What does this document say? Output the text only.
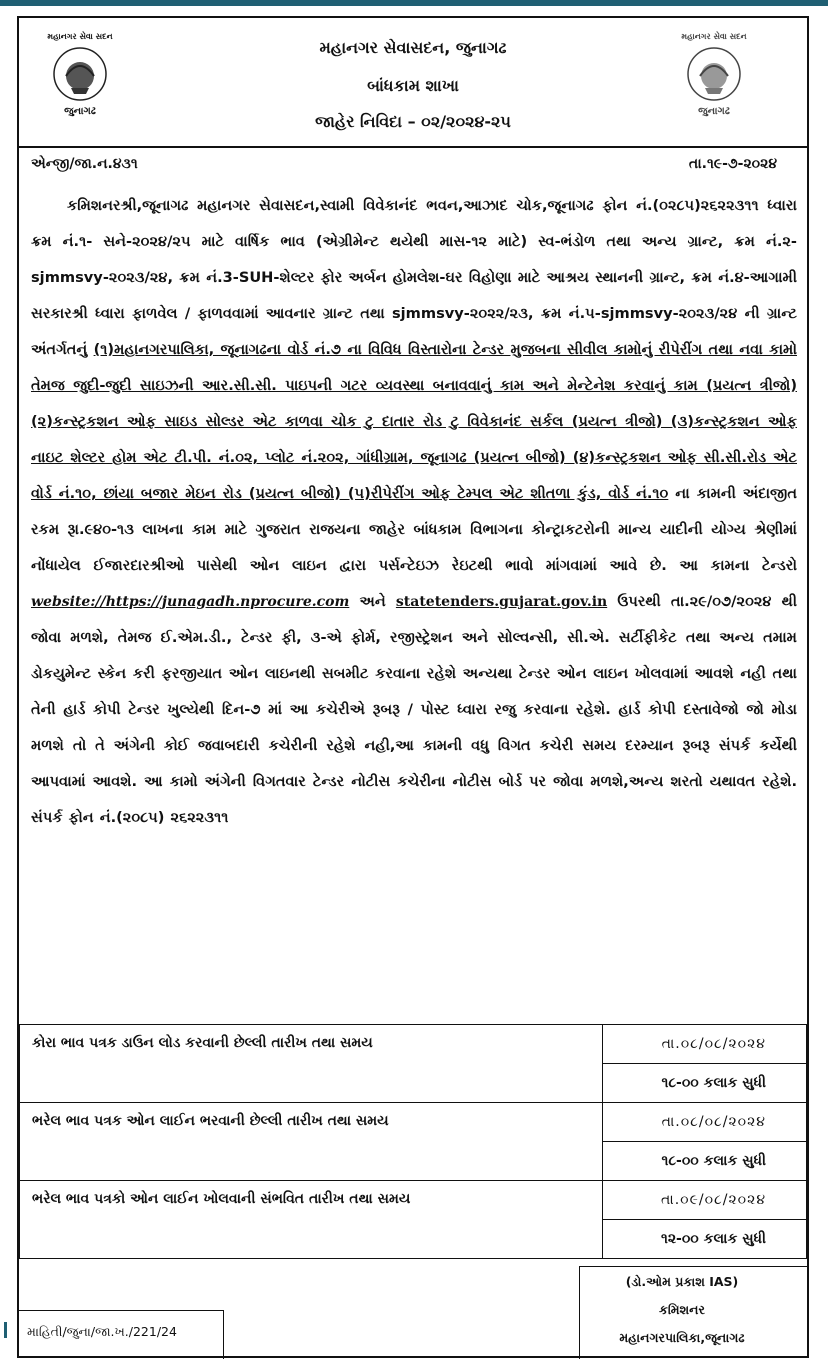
મહાનગર સેવા સદન
જુનાગઢ
મહાનગર સેવા સદન
જુનાગઢ
મહાનગર સેવાસદન, જુનાગઢ
બાંધકામ શાખા
જાહેર નિવિદા – ૦૨/૨૦૨૪-૨૫
એન્જી/જા.ન.૪૩૧	તા.૧૯-૭-૨૦૨૪
કમિશનરશ્રી,જૂનાગઢ મહાનગર સેવાસદન,સ્વામી વિવેકાનંદ ભવન,આઝાદ ચોક,જૂનાગઢ ફોન નં.(૦૨૮૫)૨૬૨૨૩૧૧ ધ્વારા ક્રમ નં.૧- સને-૨૦૨૪/૨૫ માટે વાર્ષિક ભાવ (એગ્રીમેન્ટ થયેથી માસ-૧૨ માટે) સ્વ-ભંડોળ તથા અન્ય ગ્રાન્ટ, ક્રમ નં.૨- sjmmsvy-૨૦૨૩/૨૪, ક્રમ નં.3-SUH-શેલ્ટર ફોર અર્બન હોમલેશ-ઘર વિહોણા માટે આશ્રય સ્થાનની ગ્રાન્ટ, ક્રમ નં.૪-આગામી સરકારશ્રી ધ્વારા ફાળવેલ / ફાળવવામાં આવનાર ગ્રાન્ટ તથા sjmmsvy-૨૦૨૨/૨૩, ક્રમ નં.૫-sjmmsvy-૨૦૨૩/૨૪ ની ગ્રાન્ટ અંતર્ગતનું (૧)મહાનગરપાલિકા, જૂનાગઢના વોર્ડ નં.૭ ના વિવિધ વિસ્તારોના ટેન્ડર મુજબના સીવીલ કામોનું રીપેરીંગ તથા નવા કામો તેમજ જુદી-જુદી સાઇઝની આર.સી.સી. પાઇપની ગટર વ્યવસ્થા બનાવવાનું કામ અને મેન્ટેનેશ કરવાનું કામ (પ્રયત્ન ત્રીજો) (૨)કન્સ્ટ્રકશન ઓફ સાઇડ સોલ્ડર એટ કાળવા ચોક ટુ દાતાર રોડ ટુ વિવેકાનંદ સર્કલ (પ્રયત્ન ત્રીજો) (૩)કન્સ્ટ્રકશન ઓફ નાઇટ શેલ્ટર હોમ એટ ટી.પી. નં.૦૨, પ્લોટ નં.૨૦૨, ગાંધીગ્રામ, જૂનાગઢ (પ્રયત્ન બીજો) (૪)કન્સ્ટ્રકશન ઓફ સી.સી.રોડ એટ વોર્ડ નં.૧૦, છાંયા બજાર મેઇન રોડ (પ્રયત્ન બીજો) (૫)રીપેરીંગ ઓફ ટેમ્પલ એટ શીતળા કુંડ, વોર્ડ નં.૧૦ ના કામની અંદાજીત રકમ રૂા.૯૪૦-૧૩ લાખના કામ માટે ગુજરાત રાજયના જાહેર બાંધકામ વિભાગના કોન્ટ્રાકટરોની માન્ય યાદીની યોગ્ય શ્રેણીમાં નોંધાયેલ ઈજારદારશ્રીઓ પાસેથી ઓન લાઇન દ્વારા પર્સન્ટેઇઝ રેઇટથી ભાવો માંગવામાં આવે છે. આ કામના ટેન્ડરો website://https://junagadh.nprocure.com અને statetenders.gujarat.gov.in ઉપરથી તા.૨૯/૦૭/૨૦૨૪ થી જોવા મળશે, તેમજ ઈ.એમ.ડી., ટેન્ડર ફી, ૩-એ ફોર્મ, રજીસ્ટ્રેશન અને સોલ્વન્સી, સી.એ. સર્ટીફીકેટ તથા અન્ય તમામ ડોકયુમેન્ટ સ્કેન કરી ફરજીયાત ઓન લાઇનથી સબમીટ કરવાના રહેશે અન્યથા ટેન્ડર ઓન લાઇન ખોલવામાં આવશે નહી તથા તેની હાર્ડ કોપી ટેન્ડર ખુલ્યેથી દિન-૭ માં આ કચેરીએ રૂબરૂ / પોસ્ટ ધ્વારા રજુ કરવાના રહેશે. હાર્ડ કોપી દસ્તાવેજો જો મોડા મળશે તો તે અંગેની કોઈ જવાબદારી કચેરીની રહેશે નહી,આ કામની વધુ વિગત કચેરી સમય દરમ્યાન રૂબરૂ સંપર્ક કર્યેથી આપવામાં આવશે. આ કામો અંગેની વિગતવાર ટેન્ડર નોટીસ કચેરીના નોટીસ બોર્ડ પર જોવા મળશે,અન્ય શરતો યથાવત રહેશે. સંપર્ક ફોન નં.(૨૦૮૫) ૨૬૨૨૩૧૧
કોરા ભાવ પત્રક ડાઉન લોડ કરવાની છેલ્લી તારીખ તથા સમય	તા.૦૮/૦૮/૨૦૨૪
૧૮-૦૦ કલાક સુધી

ભરેલ ભાવ પત્રક ઓન લાઈન ભરવાની છેલ્લી તારીખ તથા સમય	તા.૦૮/૦૮/૨૦૨૪
૧૮-૦૦ કલાક સુધી

ભરેલ ભાવ પત્રકો ઓન લાઈન ખોલવાની સંભવિત તારીખ તથા સમય	તા.૦૯/૦૮/૨૦૨૪
૧૨-૦૦ કલાક સુધી
(ડો.ઓમ પ્રકાશ IAS)
કમિશનર
મહાનગરપાલિકા,જૂનાગઢ
માહિતી/જુના/જા.ખ./221/24
